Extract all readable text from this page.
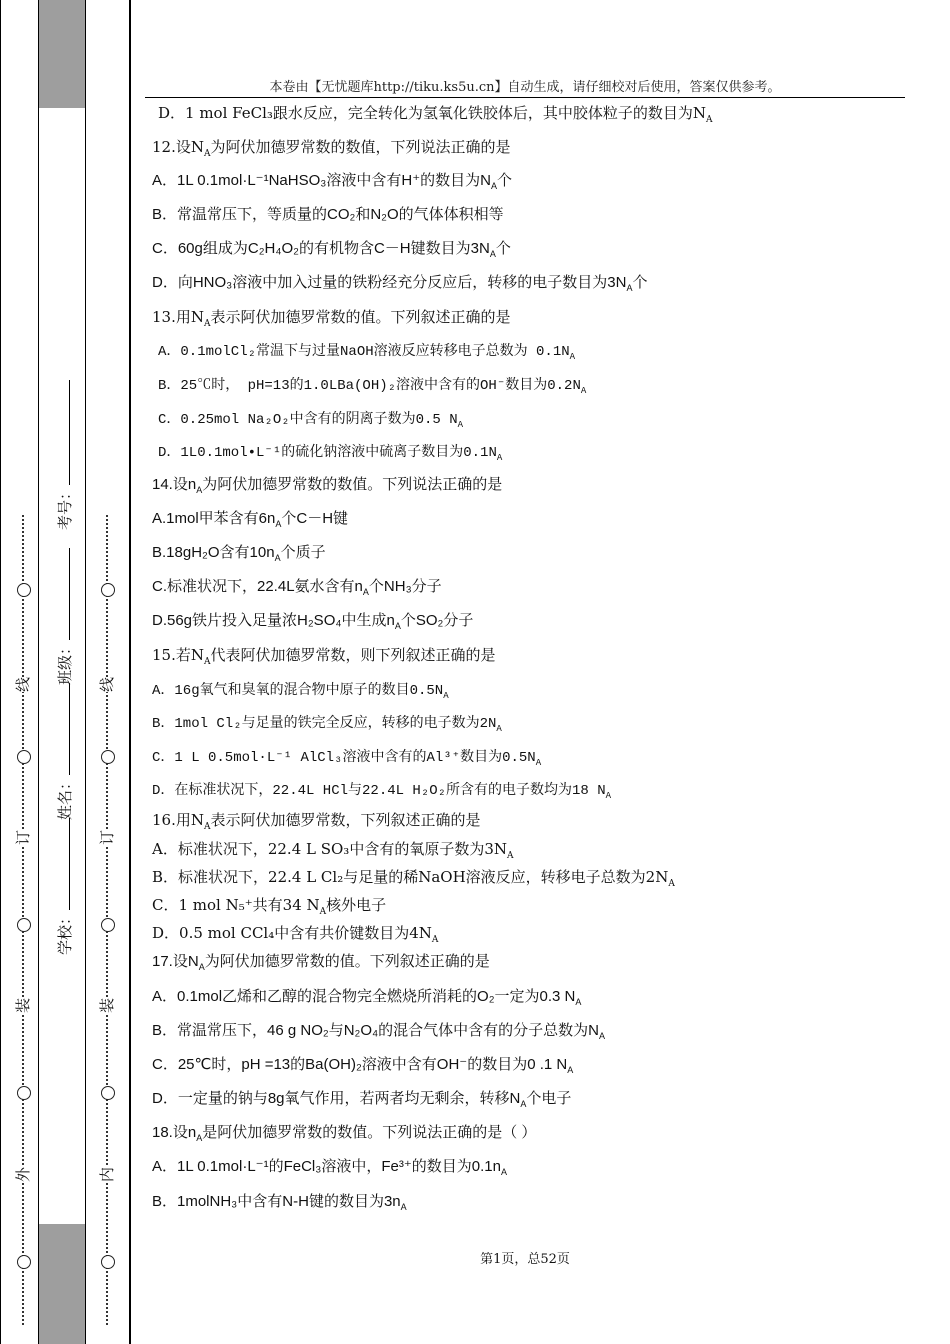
线
订
装
外
线
订
装
内
学校：
姓名：
班级：
考号：
本卷由【无忧题库http://tiku.ks5u.cn】自动生成，请仔细校对后使用，答案仅供参考。
D．1 mol FeCl₃跟水反应，完全转化为氢氧化铁胶体后，其中胶体粒子的数目为$N_A$
12.设$N_A$为阿伏加德罗常数的数值，下列说法正确的是
A．1L 0.1mol·L⁻¹NaHSO₃溶液中含有H⁺的数目为$N_A$个
B．常温常压下，等质量的CO₂和N₂O的气体体积相等
C．60g组成为C₂H₄O₂的有机物含C－H键数目为$3N_A$个
D．向HNO₃溶液中加入过量的铁粉经充分反应后，转移的电子数目为$3N_A$个
13.用$N_A$表示阿伏加德罗常数的值。下列叙述正确的是
A．0.1molCl₂常温下与过量NaOH溶液反应转移电子总数为 $0.1N_A$
B．25℃时， pH=13的1.0LBa(OH)₂溶液中含有的OH⁻数目为$0.2N_A$
C．0.25mol Na₂O₂中含有的阴离子数为0.5 $N_A$
D．1L0.1mol•L⁻¹的硫化钠溶液中硫离子数目为$0.1N_A$
14.设$n_A$为阿伏加德罗常数的数值。下列说法正确的是
A.1mol甲苯含有$6n_A$个C－H键
B.18gH₂O含有$10n_A$个质子
C.标准状况下，22.4L氨水含有$n_A$个NH₃分子
D.56g铁片投入足量浓H₂SO₄中生成$n_A$个SO₂分子
15.若$N_A$代表阿伏加德罗常数，则下列叙述正确的是
A．16g氧气和臭氧的混合物中原子的数目$0.5N_A$
B．1mol Cl₂与足量的铁完全反应，转移的电子数为$2N_A$
C．1 L 0.5mol·L⁻¹ AlCl₃溶液中含有的Al³⁺数目为$0.5N_A$
D．在标准状况下，22.4L HCl与22.4L H₂O₂所含有的电子数均为18 $N_A$
16.用$N_A$表示阿伏加德罗常数，下列叙述正确的是
A．标准状况下，22.4 L SO₃中含有的氧原子数为$3N_A$
B．标准状况下，22.4 L Cl₂与足量的稀NaOH溶液反应，转移电子总数为$2N_A$
C．1 mol N₅⁺共有34 $N_A$核外电子
D．0.5 mol CCl₄中含有共价键数目为$4N_A$
17.设$N_A$为阿伏加德罗常数的值。下列叙述正确的是
A．0.1mol乙烯和乙醇的混合物完全燃烧所消耗的O₂一定为0.3 $N_A$
B．常温常压下，46 g NO₂与N₂O₄的混合气体中含有的分子总数为$N_A$
C．25℃时，pH =13的Ba(OH)₂溶液中含有OH⁻的数目为0 .1 $N_A$
D．一定量的钠与8g氧气作用，若两者均无剩余，转移$N_A$个电子
18.设$n_A$是阿伏加德罗常数的数值。下列说法正确的是（ ）
A．1L 0.1mol·L⁻¹的FeCl₃溶液中，Fe³⁺的数目为$0.1n_A$
B．1molNH₃中含有N-H键的数目为$3n_A$
第1页，总52页
